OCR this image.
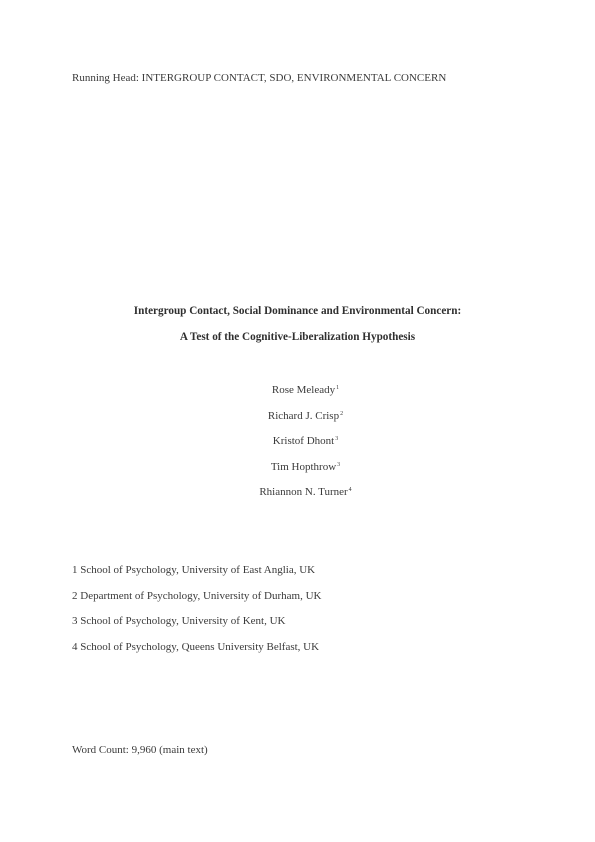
Running Head: INTERGROUP CONTACT, SDO, ENVIRONMENTAL CONCERN

Intergroup Contact, Social Dominance and Environmental Concern:

A Test of the Cognitive-Liberalization Hypothesis

Rose Meleady$^1$
Richard J. Crisp$^2$
Kristof Dhont$^3$
Tim Hopthrow$^3$
Rhiannon N. Turner$^4$
1 School of Psychology, University of East Anglia, UK
2 Department of Psychology, University of Durham, UK
3 School of Psychology, University of Kent, UK
4 School of Psychology, Queens University Belfast, UK

Word Count: 9,960 (main text)
